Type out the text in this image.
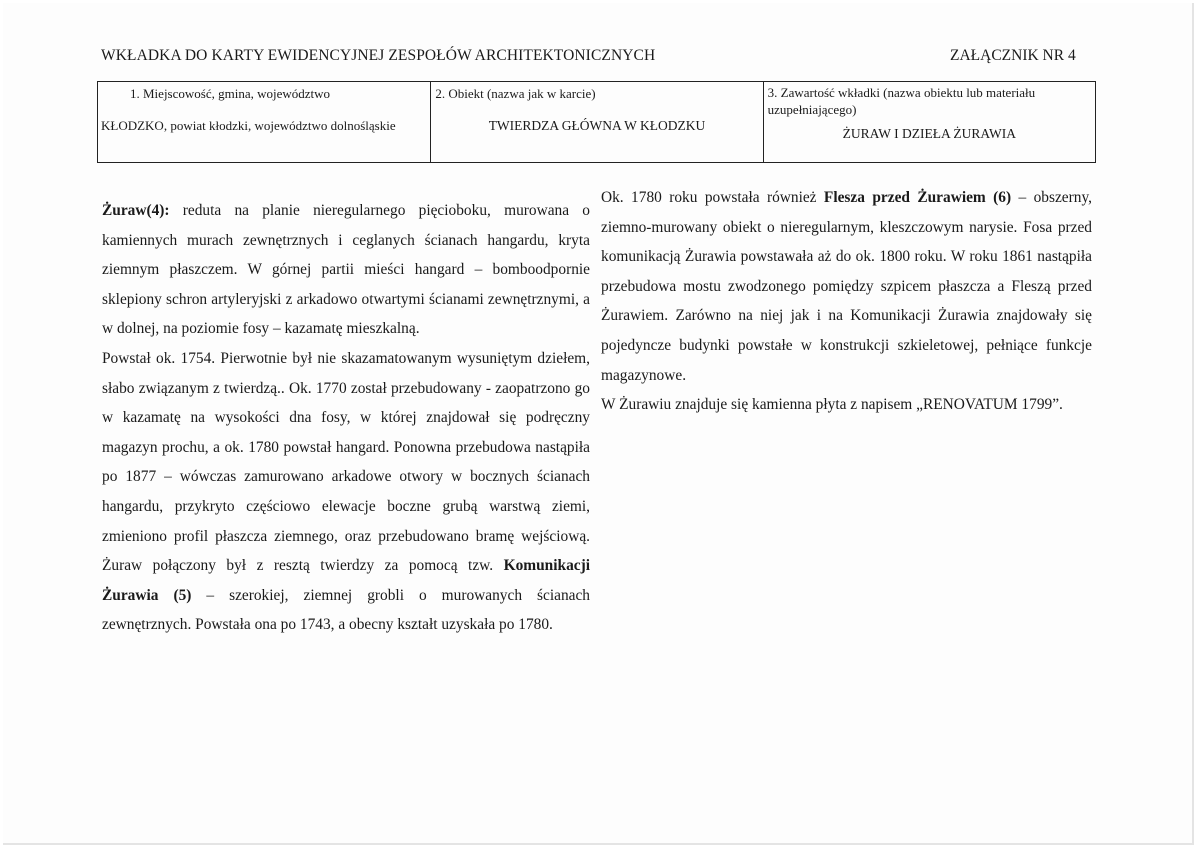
WKŁADKA DO KARTY EWIDENCYJNEJ ZESPOŁÓW ARCHITEKTONICZNYCH	ZAŁĄCZNIK NR 4
1. Miejscowość, gmina, województwo
KŁODZKO, powiat kłodzki, województwo dolnośląskie

2. Obiekt (nazwa jak w karcie)
TWIERDZA GŁÓWNA W KŁODZKU

3. Zawartość wkładki (nazwa obiektu lub materiału uzupełniającego)
ŻURAW I DZIEŁA ŻURAWIA

Żuraw(4): reduta na planie nieregularnego pięcioboku, murowana o kamiennych murach zewnętrznych i ceglanych ścianach hangardu, kryta ziemnym płaszczem. W górnej partii mieści hangard – bomboodpornie sklepiony schron artyleryjski z arkadowo otwartymi ścianami zewnętrznymi, a w dolnej, na poziomie fosy – kazamatę mieszkalną.

Powstał ok. 1754. Pierwotnie był nie skazamatowanym wysuniętym dziełem, słabo związanym z twierdzą.. Ok. 1770 został przebudowany - zaopatrzono go w kazamatę na wysokości dna fosy, w której znajdował się podręczny magazyn prochu, a ok. 1780 powstał hangard. Ponowna przebudowa nastąpiła po 1877 – wówczas zamurowano arkadowe otwory w bocznych ścianach hangardu, przykryto częściowo elewacje boczne grubą warstwą ziemi, zmieniono profil płaszcza ziemnego, oraz przebudowano bramę wejściową. Żuraw połączony był z resztą twierdzy za pomocą tzw. Komunikacji Żurawia (5) – szerokiej, ziemnej grobli o murowanych ścianach zewnętrznych. Powstała ona po 1743, a obecny kształt uzyskała po 1780.

Ok. 1780 roku powstała również Flesza przed Żurawiem (6) – obszerny, ziemno-murowany obiekt o nieregularnym, kleszczowym narysie. Fosa przed komunikacją Żurawia powstawała aż do ok. 1800 roku. W roku 1861 nastąpiła przebudowa mostu zwodzonego pomiędzy szpicem płaszcza a Fleszą przed Żurawiem. Zarówno na niej jak i na Komunikacji Żurawia znajdowały się pojedyncze budynki powstałe w konstrukcji szkieletowej, pełniące funkcje magazynowe.

W Żurawiu znajduje się kamienna płyta z napisem „RENOVATUM 1799”.
